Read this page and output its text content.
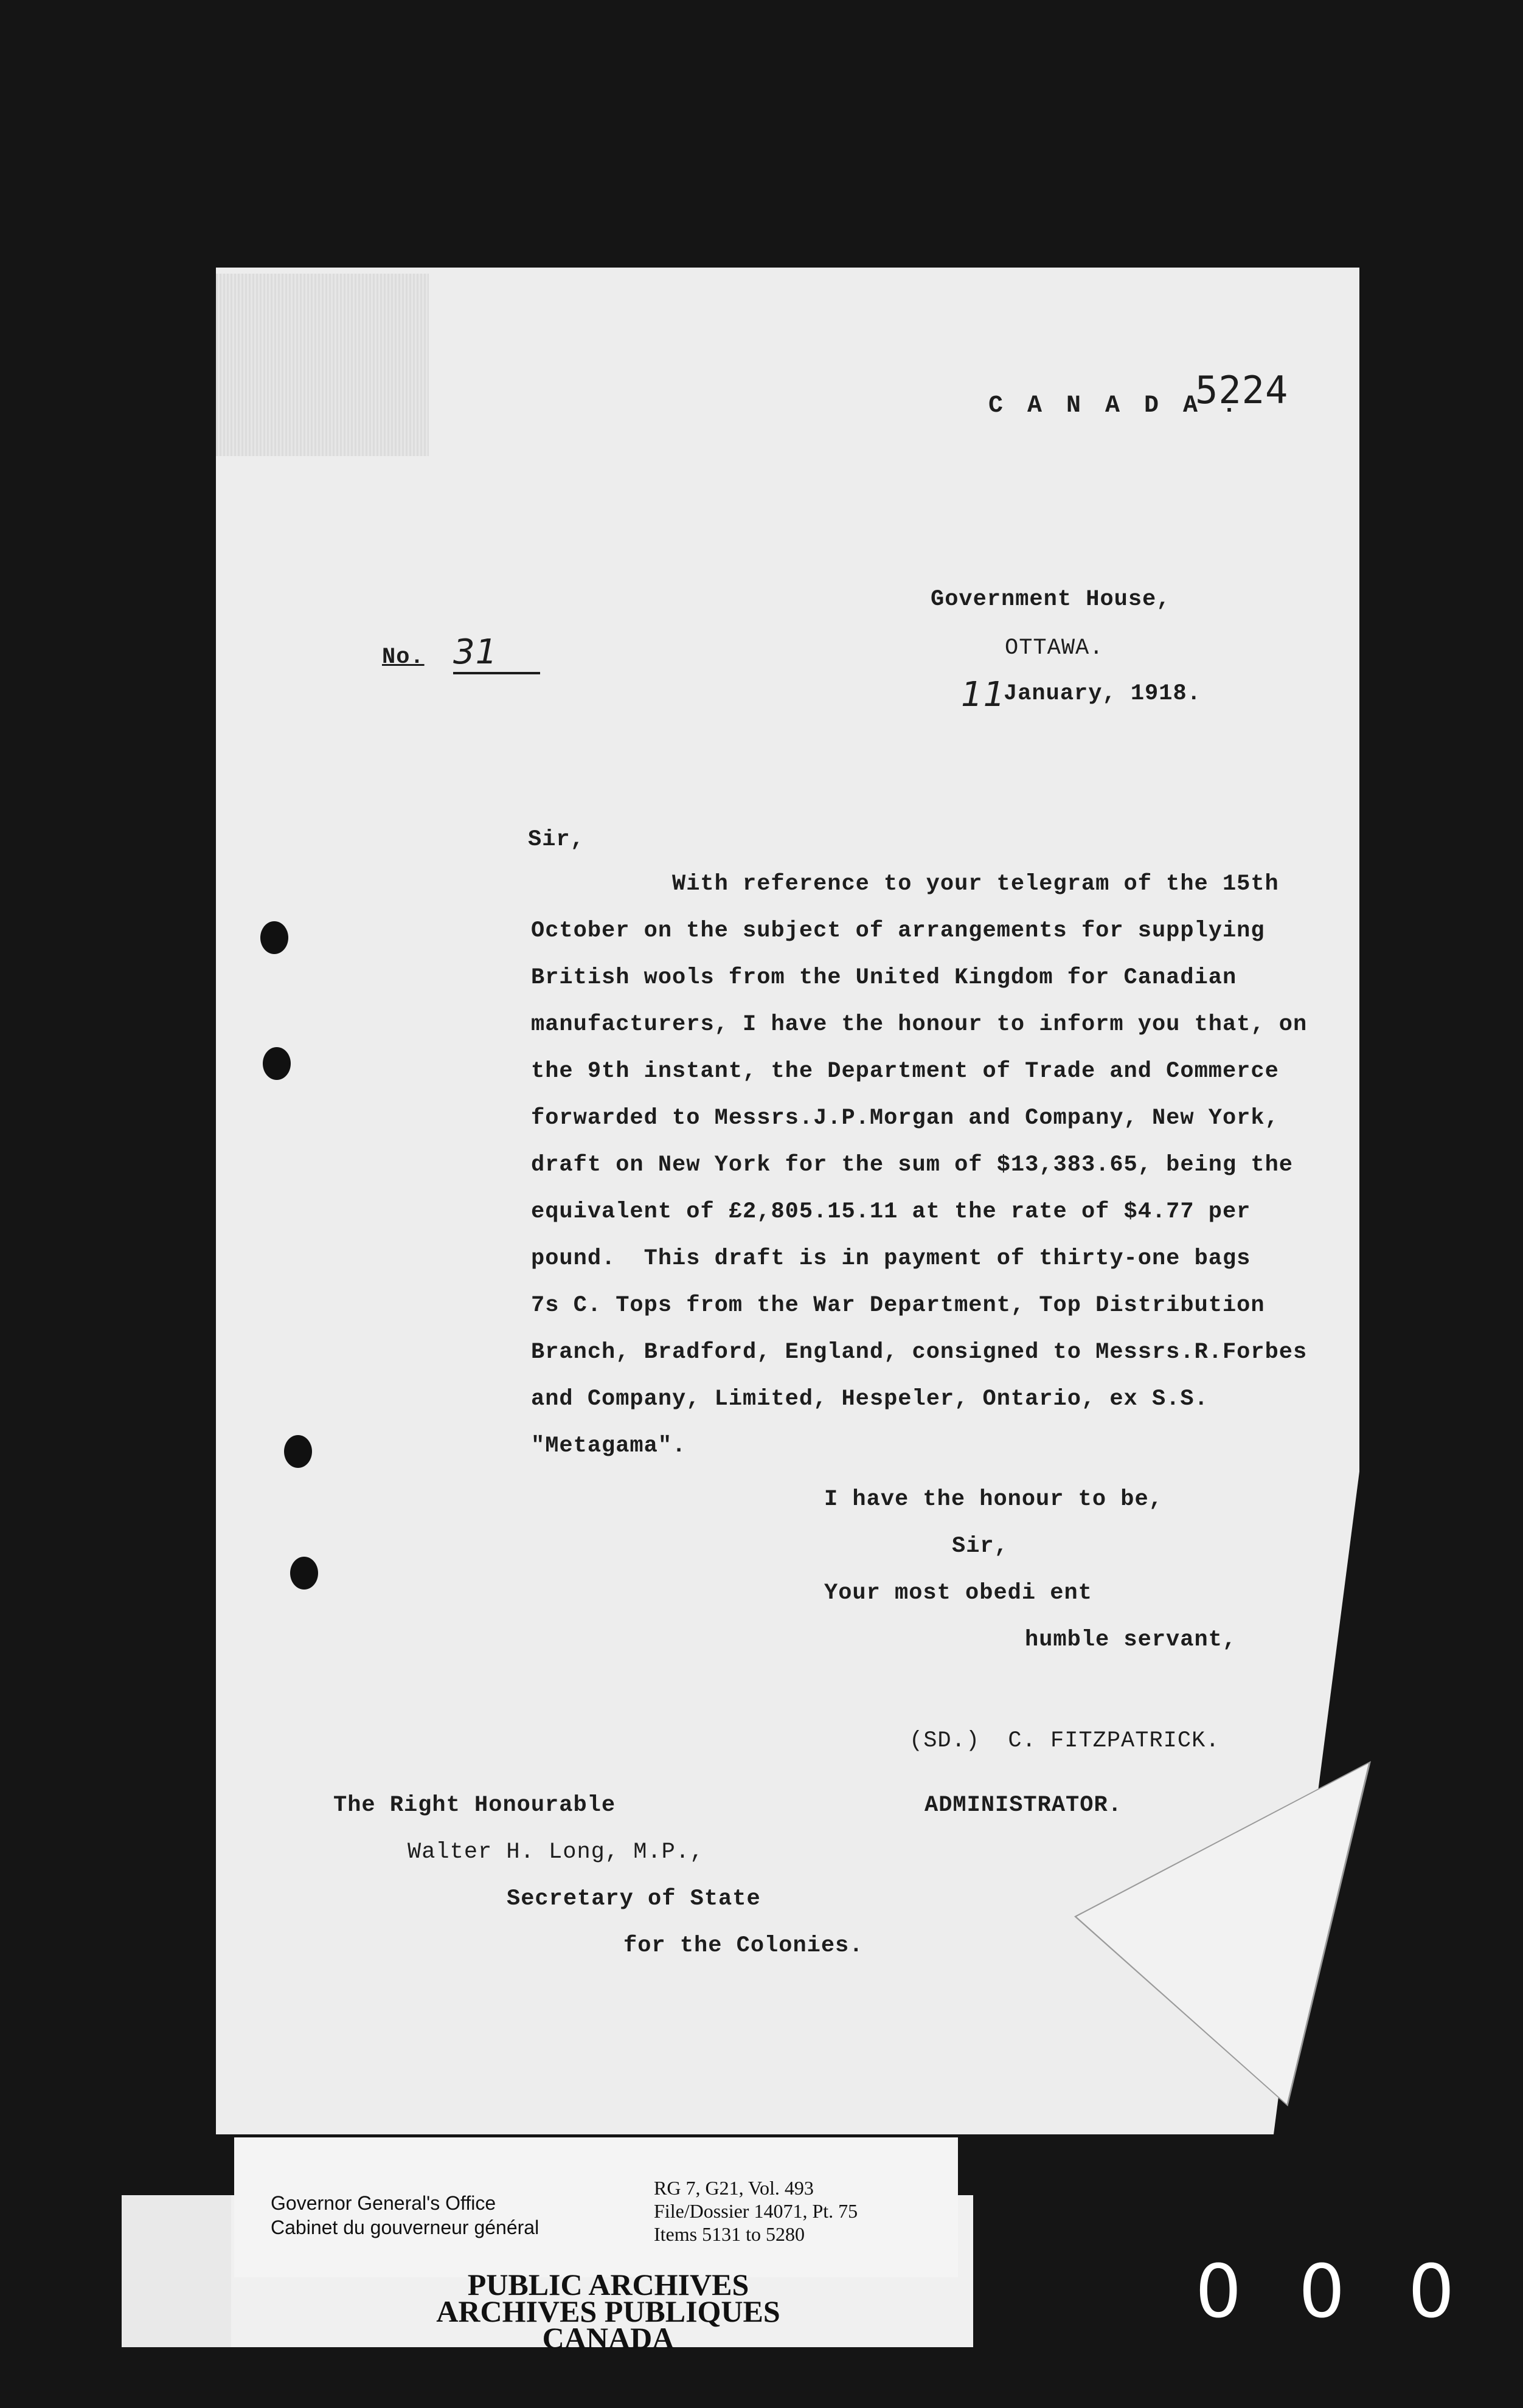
C A N A D A .
5224
Government House,
OTTAWA.
11
January, 1918.
No. 31
Sir,
With reference to your telegram of the 15th
October on the subject of arrangements for supplying
British wools from the United Kingdom for Canadian
manufacturers, I have the honour to inform you that, on
the 9th instant, the Department of Trade and Commerce
forwarded to Messrs.J.P.Morgan and Company, New York,
draft on New York for the sum of $13,383.65, being the
equivalent of £2,805.15.11 at the rate of $4.77 per
pound.  This draft is in payment of thirty-one bags
7s C. Tops from the War Department, Top Distribution
Branch, Bradford, England, consigned to Messrs.R.Forbes
and Company, Limited, Hespeler, Ontario, ex S.S.
"Metagama".
I have the honour to be,
Sir,
Your most obedi ent
humble servant,
(SD.)  C. FITZPATRICK.
ADMINISTRATOR.
The Right Honourable
Walter H. Long, M.P.,
Secretary of State
for the Colonies.
Governor General's Office
Cabinet du gouverneur général
RG 7, G21, Vol. 493
File/Dossier 14071, Pt. 75
Items 5131 to 5280
PUBLIC ARCHIVES
ARCHIVES PUBLIQUES
CANADA
0 0 0
